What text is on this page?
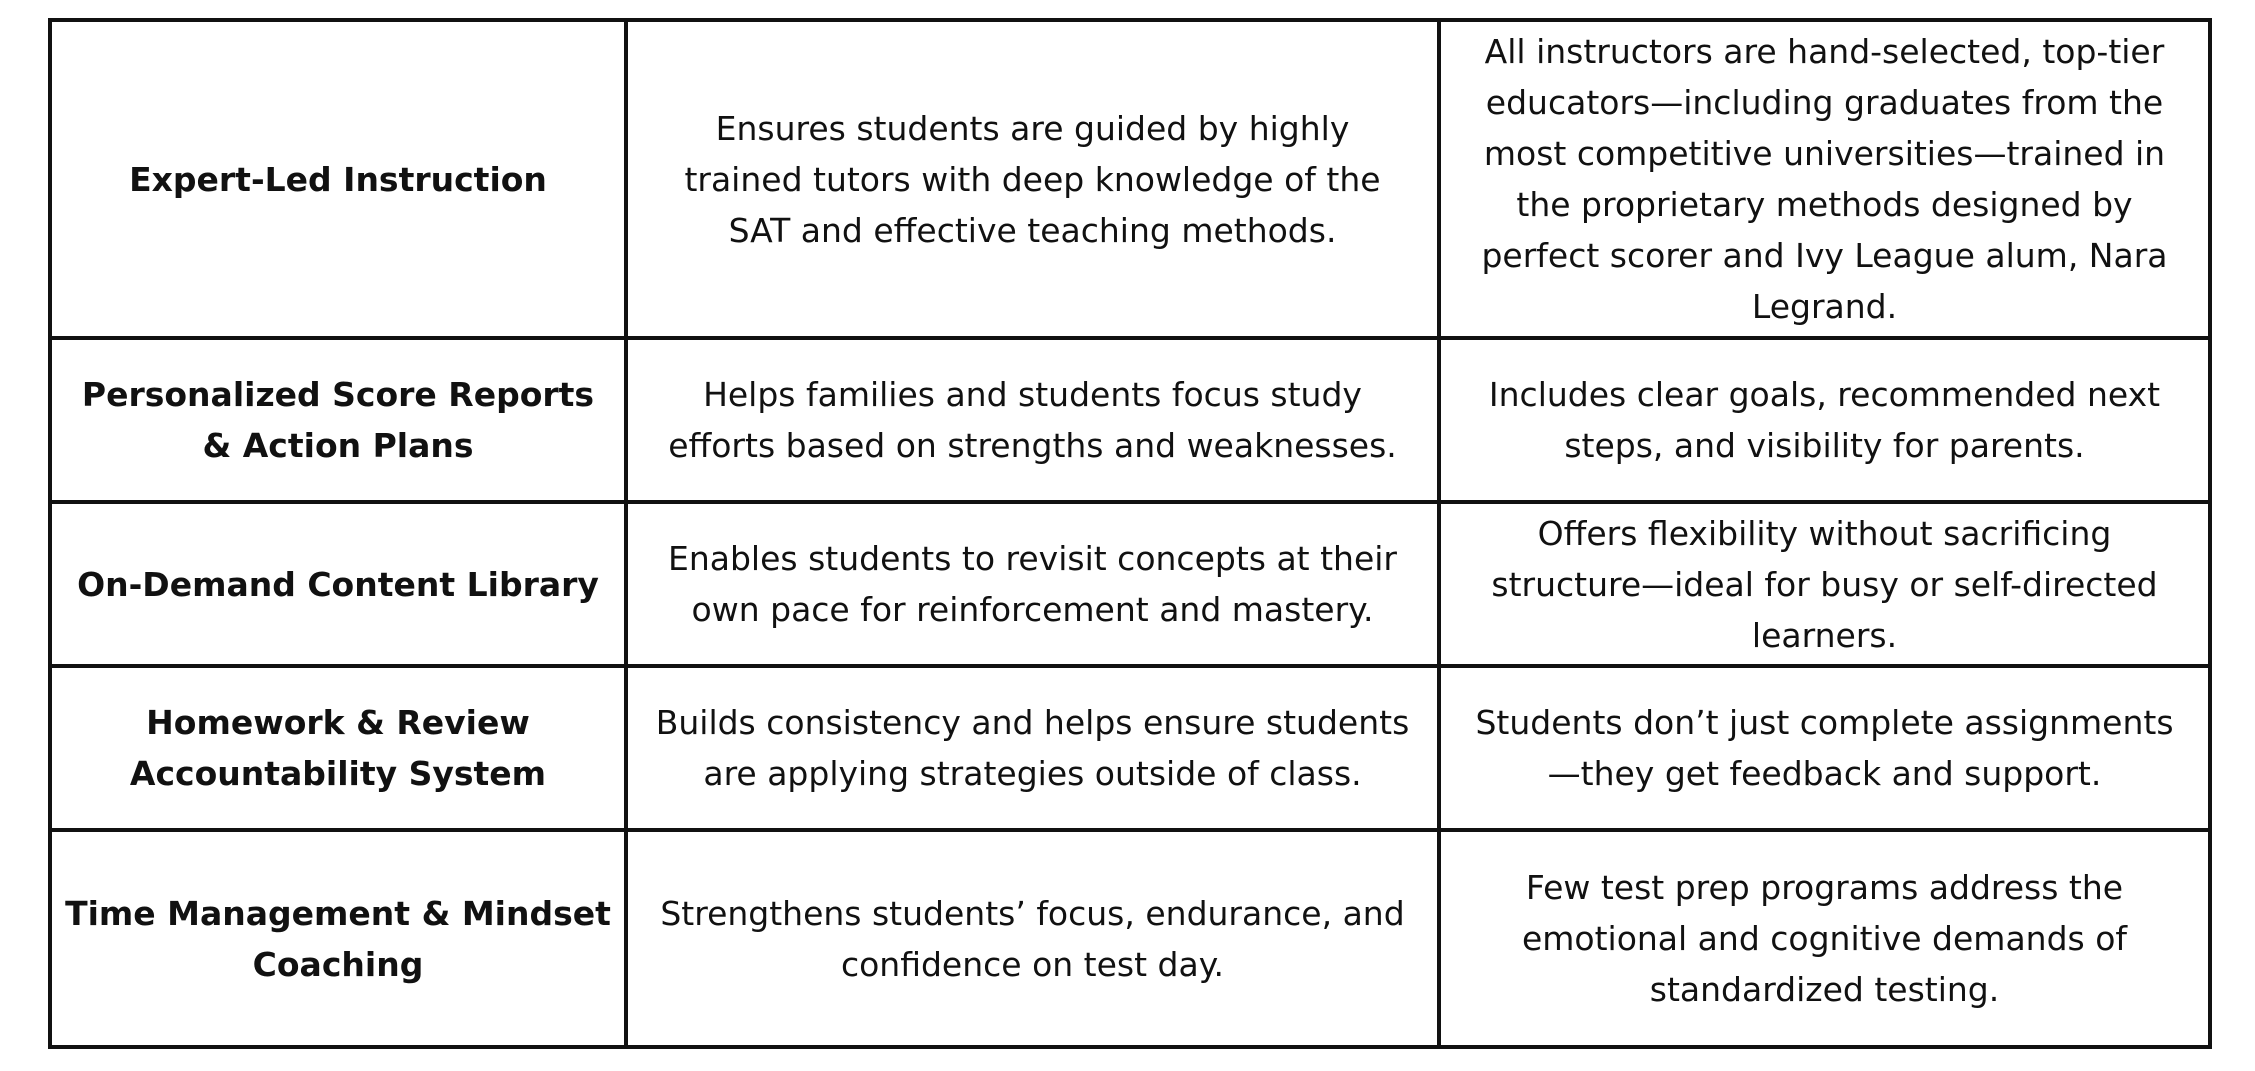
Expert-Led Instruction	Ensures students are guided by highly trained tutors with deep knowledge of the SAT and effective teaching methods.	All instructors are hand-selected, top-tier educators—including graduates from the most competitive universities—trained in the proprietary methods designed by perfect scorer and Ivy League alum, Nara Legrand.
Personalized Score Reports & Action Plans	Helps families and students focus study efforts based on strengths and weaknesses.	Includes clear goals, recommended next steps, and visibility for parents.
On-Demand Content Library	Enables students to revisit concepts at their own pace for reinforcement and mastery.	Offers flexibility without sacrificing structure—ideal for busy or self-directed learners.
Homework & Review Accountability System	Builds consistency and helps ensure students are applying strategies outside of class.	Students don’t just complete assignments—they get feedback and support.
Time Management & Mindset Coaching	Strengthens students’ focus, endurance, and confidence on test day.	Few test prep programs address the emotional and cognitive demands of standardized testing.
